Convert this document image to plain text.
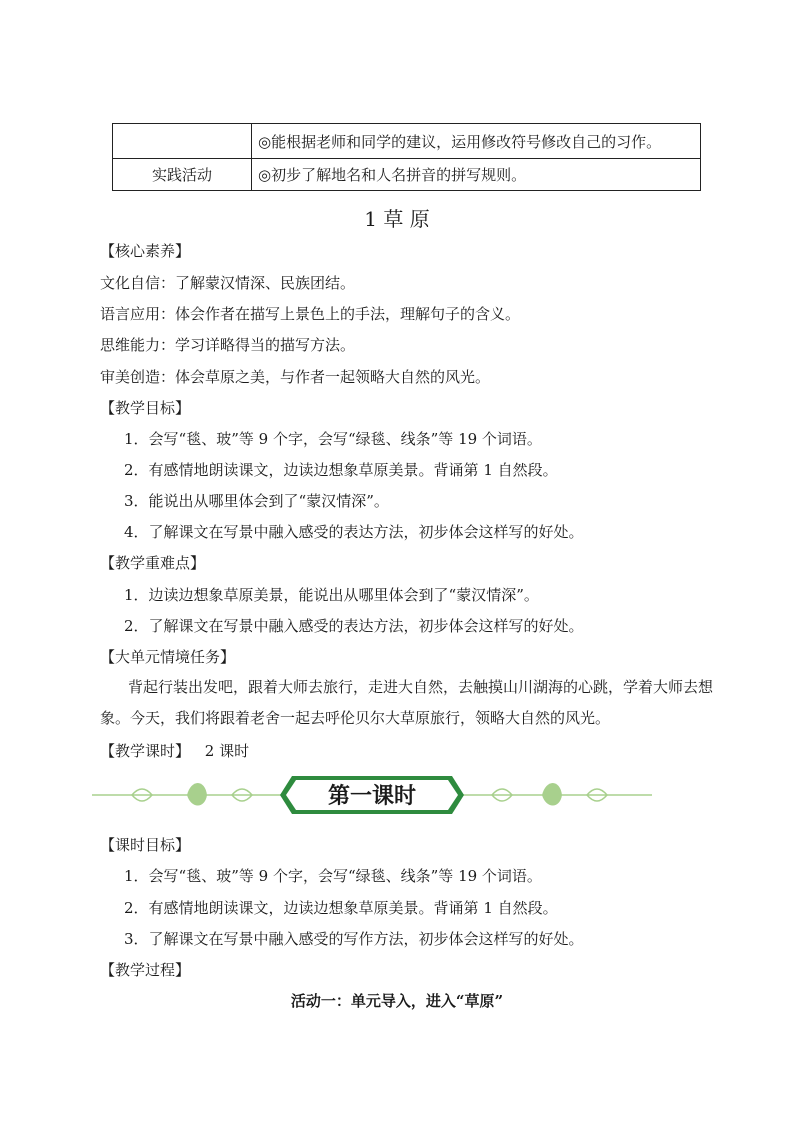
	◎能根据老师和同学的建议，运用修改符号修改自己的习作。
实践活动	◎初步了解地名和人名拼音的拼写规则。
1 草 原
【核心素养】
文化自信：了解蒙汉情深、民族团结。
语言应用：体会作者在描写上景色上的手法，理解句子的含义。
思维能力：学习详略得当的描写方法。
审美创造：体会草原之美，与作者一起领略大自然的风光。
【教学目标】
1．会写“毯、玻”等 9 个字，会写“绿毯、线条”等 19 个词语。
2．有感情地朗读课文，边读边想象草原美景。背诵第 1 自然段。
3．能说出从哪里体会到了“蒙汉情深”。
4．了解课文在写景中融入感受的表达方法，初步体会这样写的好处。
【教学重难点】
1．边读边想象草原美景，能说出从哪里体会到了“蒙汉情深”。
2．了解课文在写景中融入感受的表达方法，初步体会这样写的好处。
【大单元情境任务】
背起行装出发吧，跟着大师去旅行，走进大自然，去触摸山川湖海的心跳，学着大师去想象。今天，我们将跟着老舍一起去呼伦贝尔大草原旅行，领略大自然的风光。
【教学课时】 2 课时
第一课时
【课时目标】
1．会写“毯、玻”等 9 个字，会写“绿毯、线条”等 19 个词语。
2．有感情地朗读课文，边读边想象草原美景。背诵第 1 自然段。
3．了解课文在写景中融入感受的写作方法，初步体会这样写的好处。
【教学过程】
活动一：单元导入，进入“草原”
